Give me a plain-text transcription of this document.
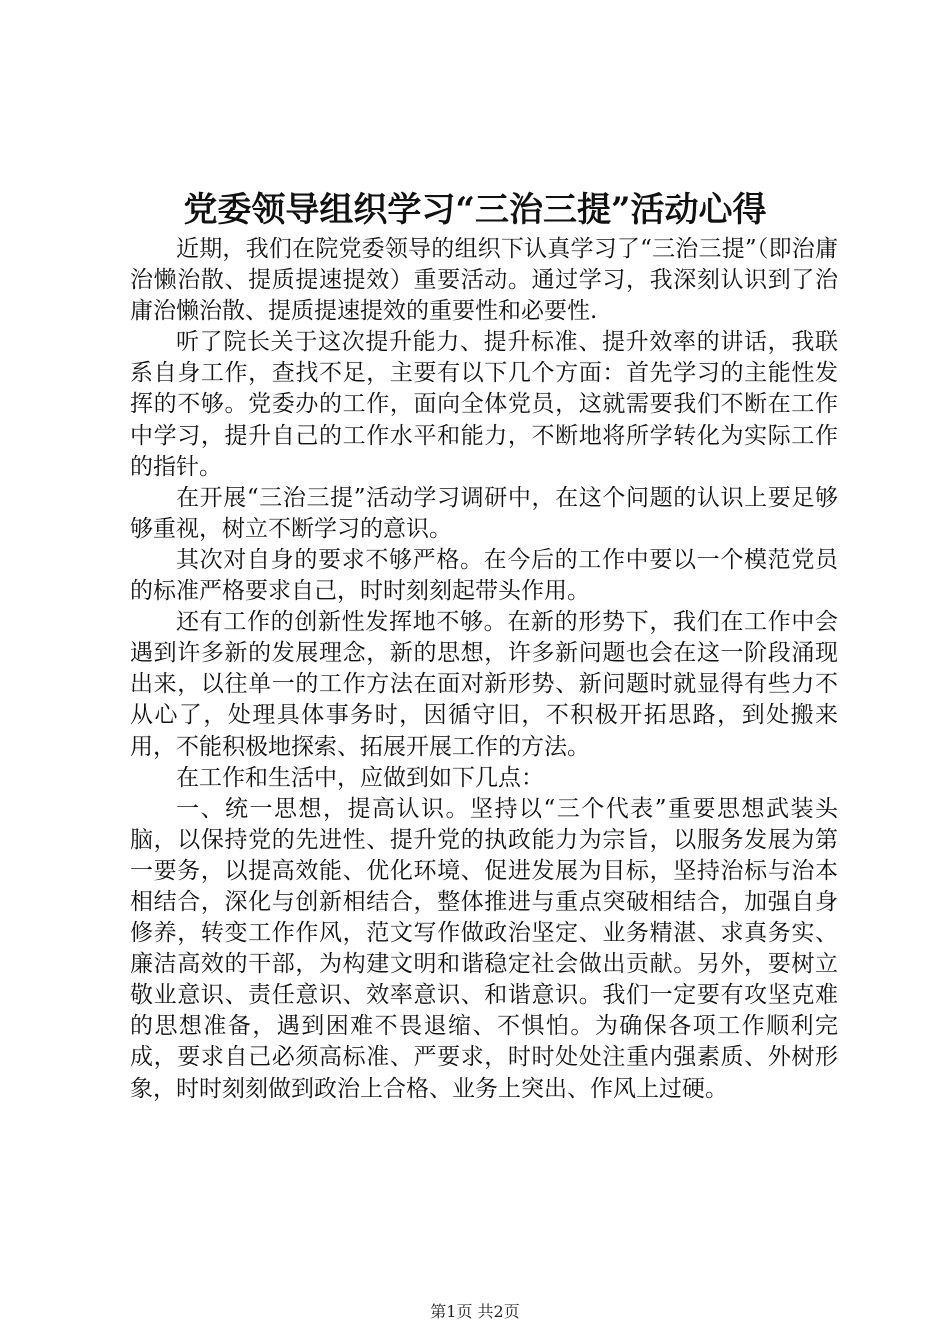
党委领导组织学习“三治三提”活动心得

近期，我们在院党委领导的组织下认真学习了“三治三提”（即治庸治懒治散、提质提速提效）重要活动。通过学习，我深刻认识到了治庸治懒治散、提质提速提效的重要性和必要性.

听了院长关于这次提升能力、提升标准、提升效率的讲话，我联系自身工作，查找不足，主要有以下几个方面：首先学习的主能性发挥的不够。党委办的工作，面向全体党员，这就需要我们不断在工作中学习，提升自己的工作水平和能力，不断地将所学转化为实际工作的指针。

在开展“三治三提”活动学习调研中，在这个问题的认识上要足够够重视，树立不断学习的意识。

其次对自身的要求不够严格。在今后的工作中要以一个模范党员的标准严格要求自己，时时刻刻起带头作用。

还有工作的创新性发挥地不够。在新的形势下，我们在工作中会遇到许多新的发展理念，新的思想，许多新问题也会在这一阶段涌现出来，以往单一的工作方法在面对新形势、新问题时就显得有些力不从心了，处理具体事务时，因循守旧，不积极开拓思路，到处搬来用，不能积极地探索、拓展开展工作的方法。

在工作和生活中，应做到如下几点：

一、统一思想，提高认识。坚持以“三个代表”重要思想武装头脑，以保持党的先进性、提升党的执政能力为宗旨，以服务发展为第一要务，以提高效能、优化环境、促进发展为目标，坚持治标与治本相结合，深化与创新相结合，整体推进与重点突破相结合，加强自身修养，转变工作作风，范文写作做政治坚定、业务精湛、求真务实、廉洁高效的干部，为构建文明和谐稳定社会做出贡献。另外，要树立敬业意识、责任意识、效率意识、和谐意识。我们一定要有攻坚克难的思想准备，遇到困难不畏退缩、不惧怕。为确保各项工作顺利完成，要求自己必须高标准、严要求，时时处处注重内强素质、外树形象，时时刻刻做到政治上合格、业务上突出、作风上过硬。

第1页 共2页
